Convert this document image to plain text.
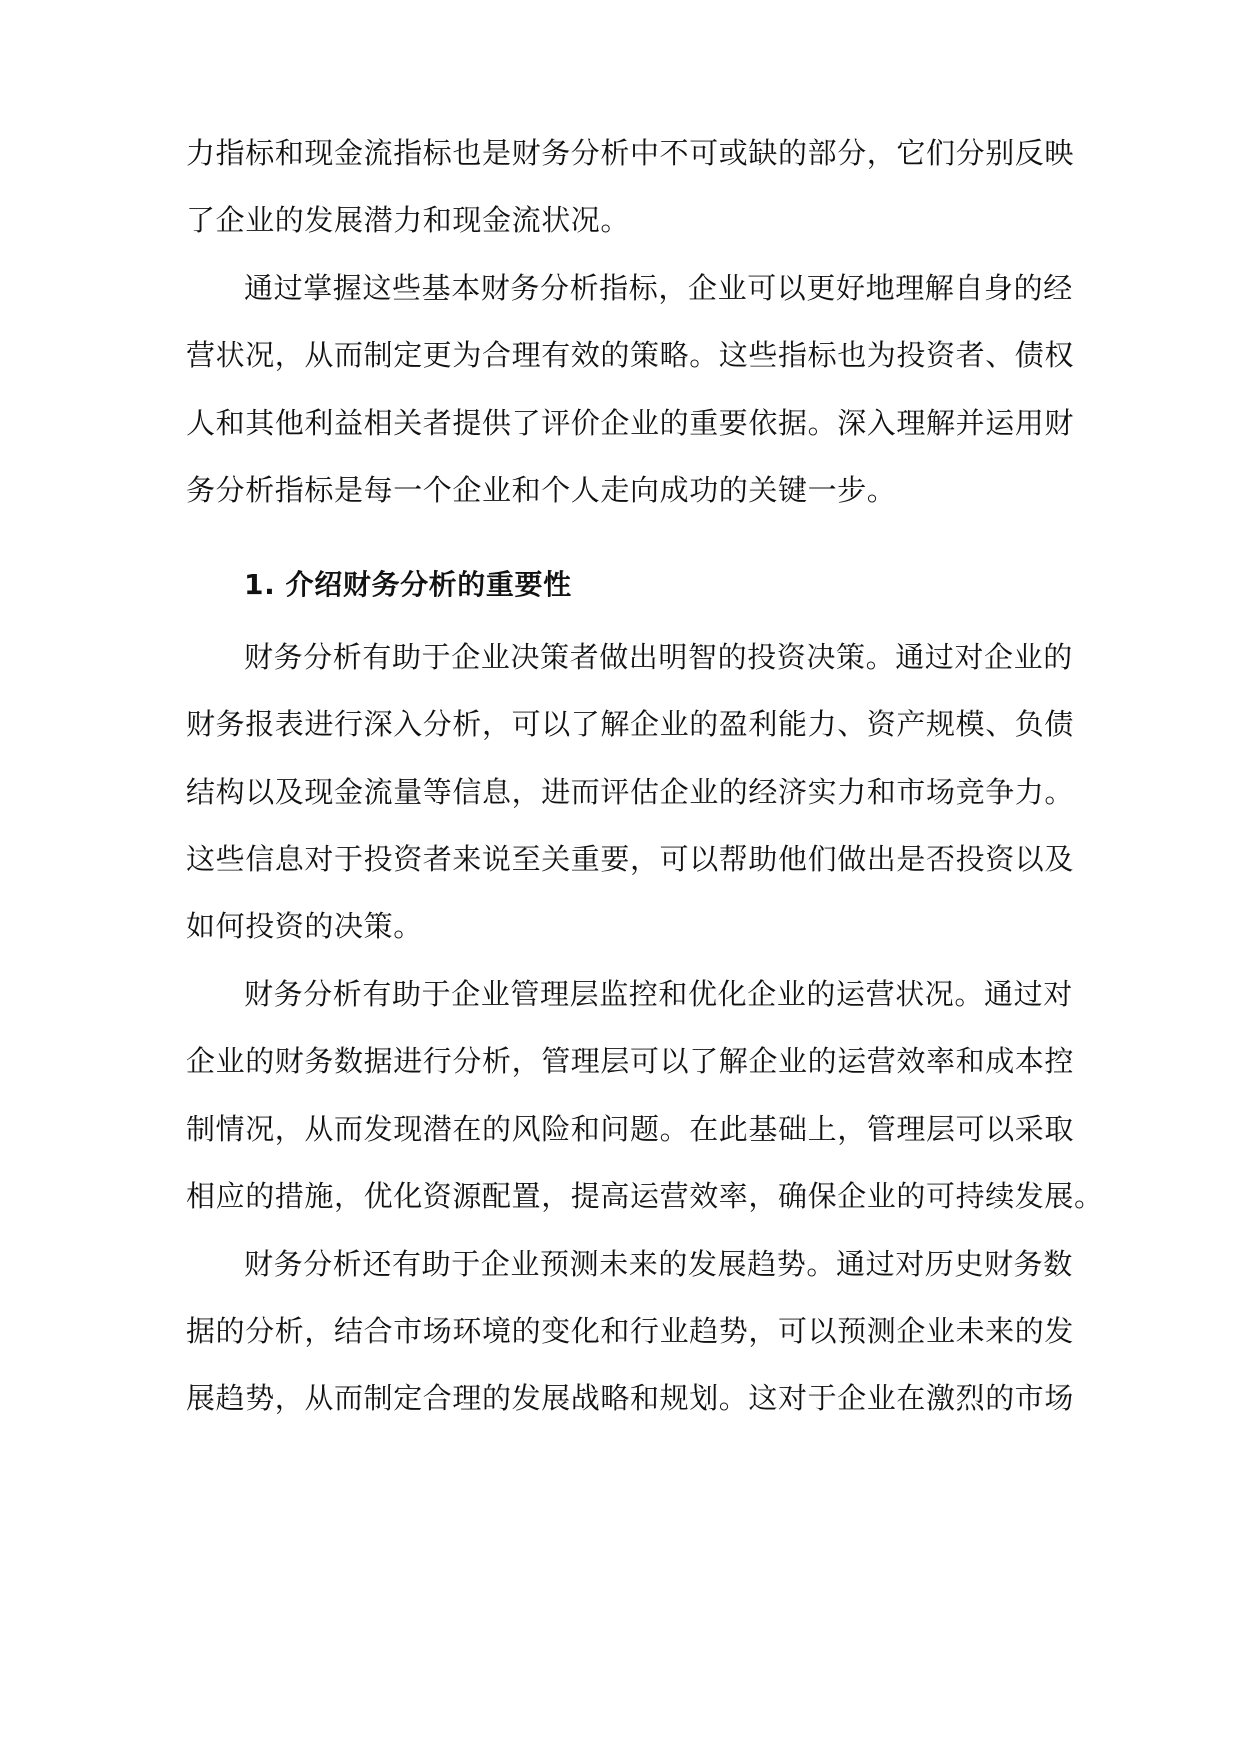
力指标和现金流指标也是财务分析中不可或缺的部分，它们分别反映
了企业的发展潜力和现金流状况。
通过掌握这些基本财务分析指标，企业可以更好地理解自身的经
营状况，从而制定更为合理有效的策略。这些指标也为投资者、债权
人和其他利益相关者提供了评价企业的重要依据。深入理解并运用财
务分析指标是每一个企业和个人走向成功的关键一步。
1. 介绍财务分析的重要性
财务分析有助于企业决策者做出明智的投资决策。通过对企业的
财务报表进行深入分析，可以了解企业的盈利能力、资产规模、负债
结构以及现金流量等信息，进而评估企业的经济实力和市场竞争力。
这些信息对于投资者来说至关重要，可以帮助他们做出是否投资以及
如何投资的决策。
财务分析有助于企业管理层监控和优化企业的运营状况。通过对
企业的财务数据进行分析，管理层可以了解企业的运营效率和成本控
制情况，从而发现潜在的风险和问题。在此基础上，管理层可以采取
相应的措施，优化资源配置，提高运营效率，确保企业的可持续发展。
财务分析还有助于企业预测未来的发展趋势。通过对历史财务数
据的分析，结合市场环境的变化和行业趋势，可以预测企业未来的发
展趋势，从而制定合理的发展战略和规划。这对于企业在激烈的市场
